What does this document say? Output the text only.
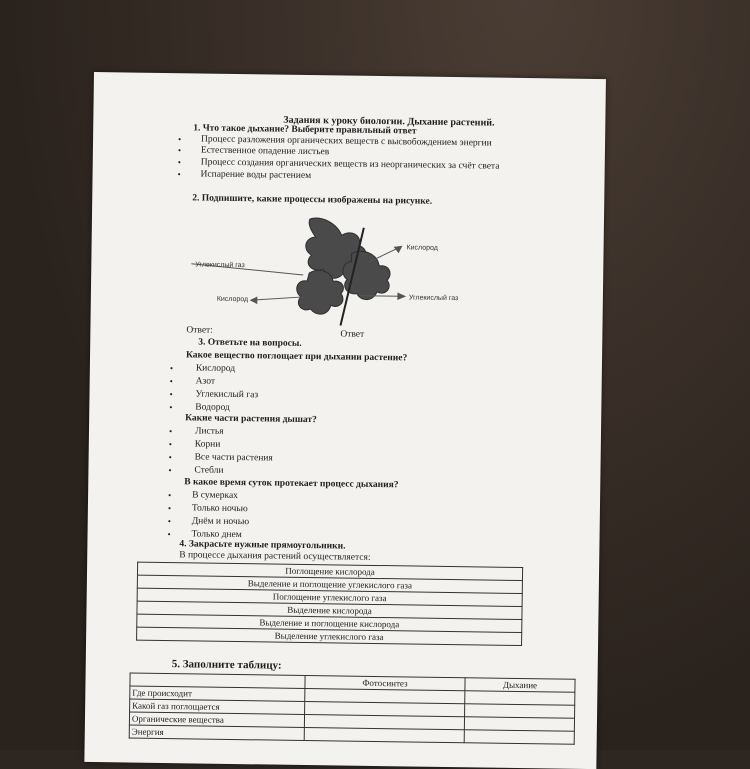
Задания к уроку биологии. Дыхание растений.
1. Что такое дыхание? Выберите правильный ответ
• Процесс разложения органических веществ с высвобождением энергии
• Естественное опадение листьев
• Процесс создания органических веществ из неорганических за счёт света
• Испарение воды растением
2. Подпишите, какие процессы изображены на рисунке.
Углекислый газ
Кислород
Кислород
Углекислый газ
Ответ:	Ответ
3. Ответьте на вопросы.
Какое вещество поглощает при дыхании растение?
• Кислород
• Азот
• Углекислый газ
• Водород
Какие части растения дышат?
• Листья
• Корни
• Все части растения
• Стебли
В какое время суток протекает процесс дыхания?
• В сумерках
• Только ночью
• Днём и ночью
• Только днем
4. Закрасьте нужные прямоугольники.
В процессе дыхания растений осуществляется:
Поглощение кислорода
Выделение и поглощение углекислого газа
Поглощение углекислого газа
Выделение кислорода
Выделение и поглощение кислорода
Выделение углекислого газа
5. Заполните таблицу:
	Фотосинтез	Дыхание
Где происходит		
Какой газ поглощается		
Органические вещества		
Энергия		
